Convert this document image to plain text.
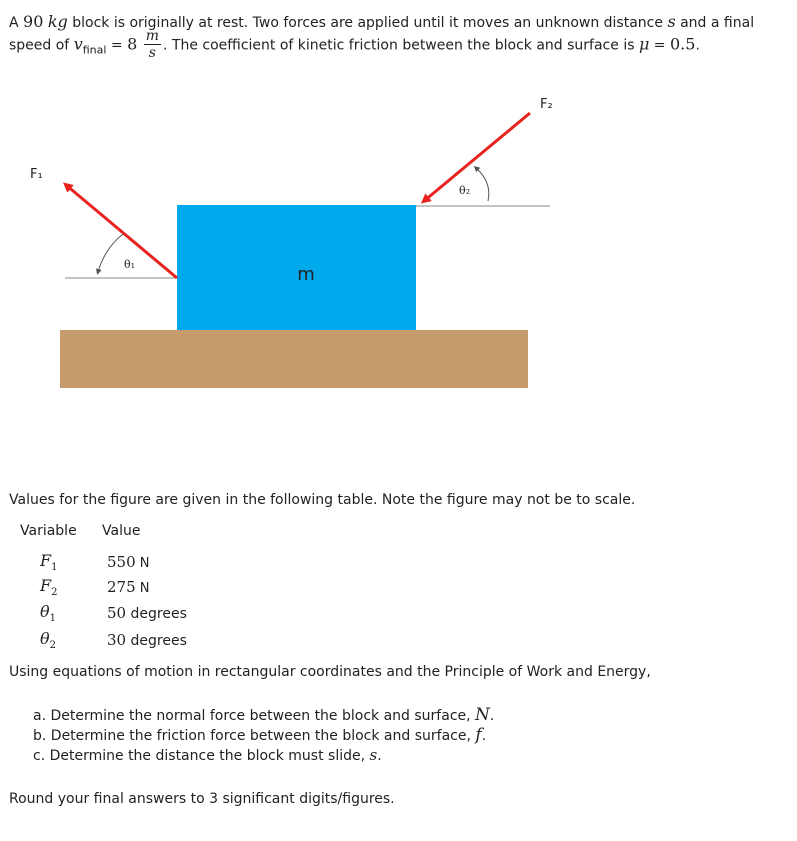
A 90 kg block is originally at rest. Two forces are applied until it moves an unknown distance s and a final
speed of $v_{final} = 8 \frac{m}{s}$ . The coefficient of kinetic friction between the block and surface is μ = 0.5.
m
F₁
F₂
θ₁
θ₂
Values for the figure are given in the following table. Note the figure may not be to scale.
Variable Value
$F_1$	550 N
$F_2$	275 N
$\theta_1$	50 degrees
$\theta_2$	30 degrees
Using equations of motion in rectangular coordinates and the Principle of Work and Energy,
a. Determine the normal force between the block and surface, N.
b. Determine the friction force between the block and surface, f.
c. Determine the distance the block must slide, s.
Round your final answers to 3 significant digits/figures.
